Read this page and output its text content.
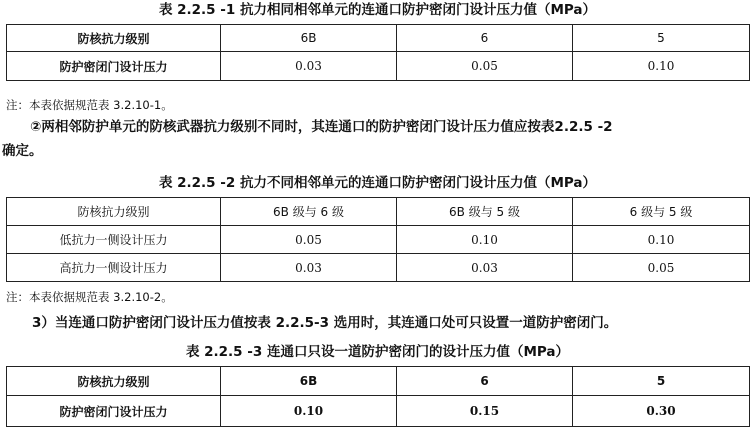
表 2.2.5 -1 抗力相同相邻单元的连通口防护密闭门设计压力值（MPa）
防核抗力级别	6B	6	5
防护密闭门设计压力	0.03	0.05	0.10
注：本表依据规范表 3.2.10-1。
②两相邻防护单元的防核武器抗力级别不同时，其连通口的防护密闭门设计压力值应按表2.2.5 -2
确定。
表 2.2.5 -2 抗力不同相邻单元的连通口防护密闭门设计压力值（MPa）
防核抗力级别	6B 级与 6 级	6B 级与 5 级	6 级与 5 级
低抗力一侧设计压力	0.05	0.10	0.10
高抗力一侧设计压力	0.03	0.03	0.05
注：本表依据规范表 3.2.10-2。
3）当连通口防护密闭门设计压力值按表 2.2.5-3 选用时，其连通口处可只设置一道防护密闭门。
表 2.2.5 -3 连通口只设一道防护密闭门的设计压力值（MPa）
防核抗力级别	6B	6	5
防护密闭门设计压力	0.10	0.15	0.30
